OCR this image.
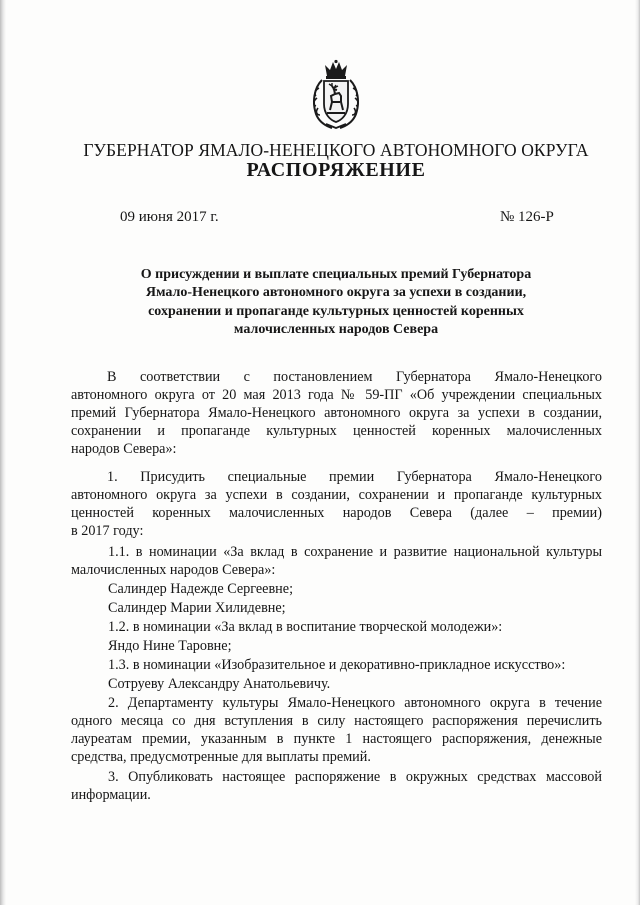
ГУБЕРНАТОР ЯМАЛО-НЕНЕЦКОГО АВТОНОМНОГО ОКРУГА
РАСПОРЯЖЕНИЕ
09 июня 2017 г.	№ 126-Р
О присуждении и выплате специальных премий Губернатора
Ямало-Ненецкого автономного округа за успехи в создании,
сохранении и пропаганде культурных ценностей коренных
малочисленных народов Севера
В соответствии с постановлением Губернатора Ямало-Ненецкого
автономного округа от 20 мая 2013 года № 59-ПГ «Об учреждении специальных
премий Губернатора Ямало-Ненецкого автономного округа за успехи в создании,
сохранении и пропаганде культурных ценностей коренных малочисленных
народов Севера»:
1. Присудить специальные премии Губернатора Ямало-Ненецкого
автономного округа за успехи в создании, сохранении и пропаганде культурных
ценностей коренных малочисленных народов Севера (далее – премии)
в 2017 году:
1.1. в номинации «За вклад в сохранение и развитие национальной культуры
малочисленных народов Севера»:
Салиндер Надежде Сергеевне;
Салиндер Марии Хилидевне;
1.2. в номинации «За вклад в воспитание творческой молодежи»:
Яндо Нине Таровне;
1.3. в номинации «Изобразительное и декоративно-прикладное искусство»:
Сотруеву Александру Анатольевичу.
2. Департаменту культуры Ямало-Ненецкого автономного округа в течение
одного месяца со дня вступления в силу настоящего распоряжения перечислить
лауреатам премии, указанным в пункте 1 настоящего распоряжения, денежные
средства, предусмотренные для выплаты премий.
3. Опубликовать настоящее распоряжение в окружных средствах массовой
информации.
